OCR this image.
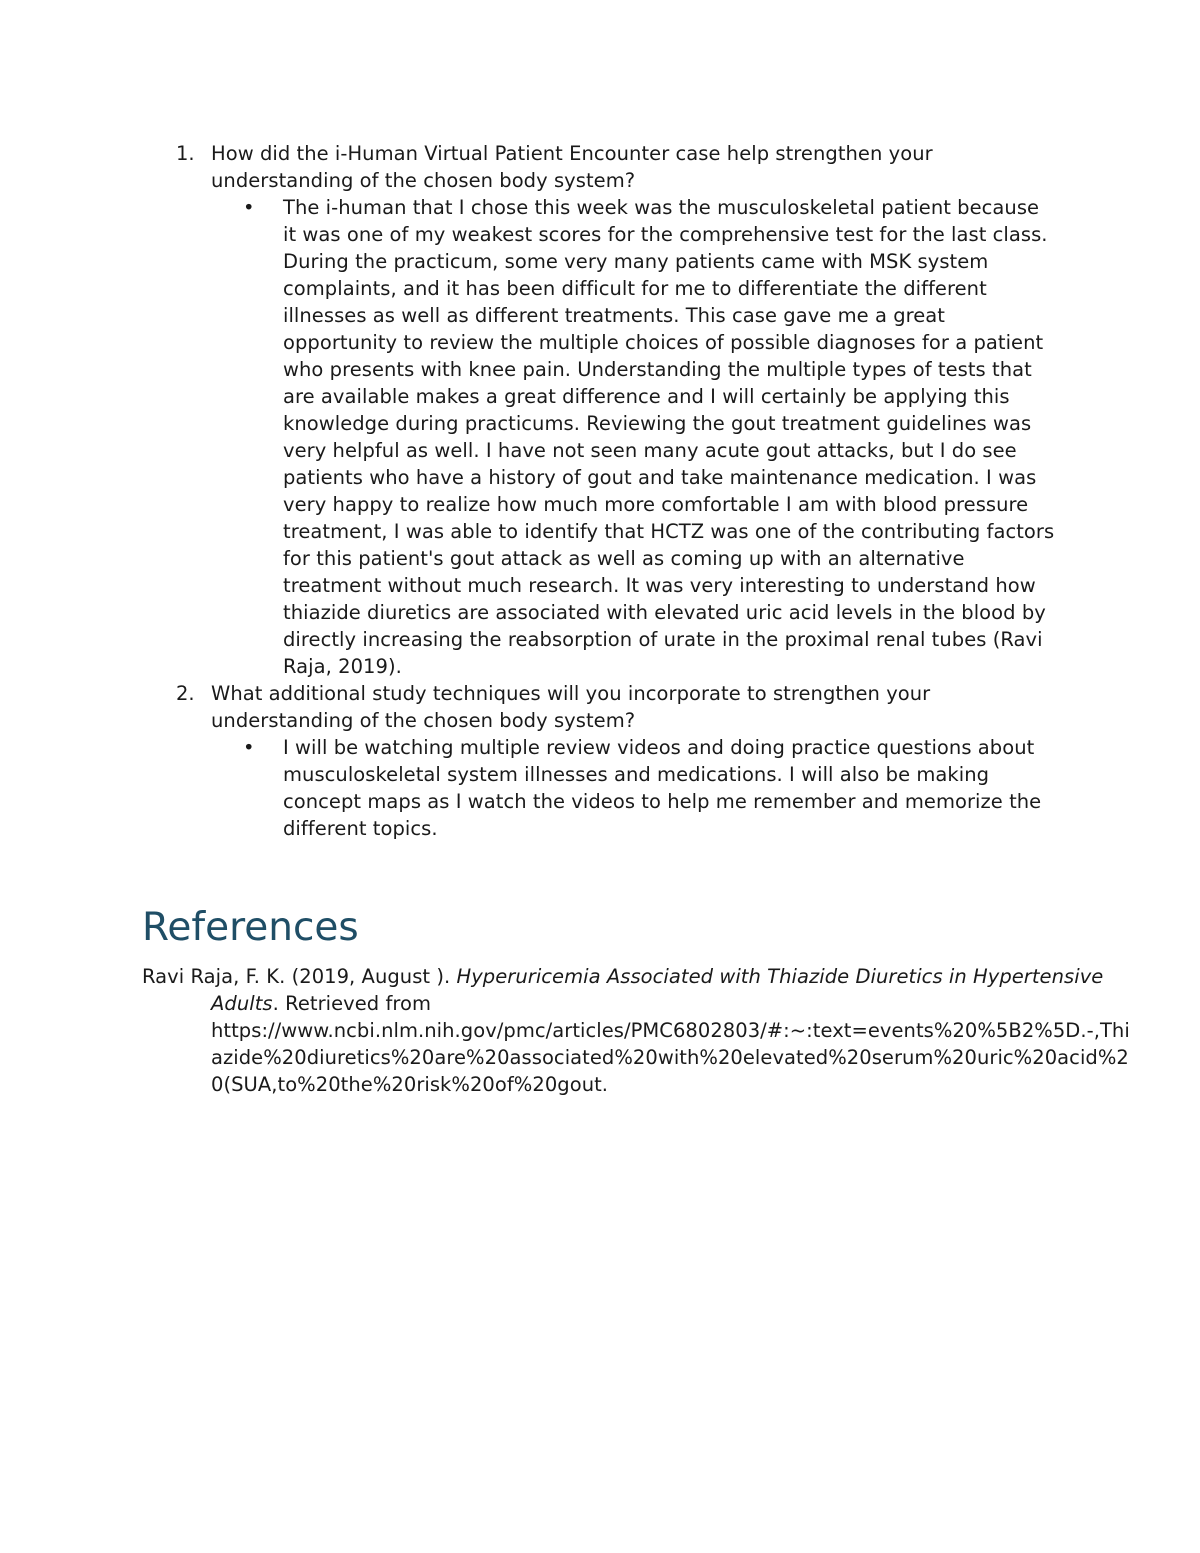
1. How did the i-Human Virtual Patient Encounter case help strengthen your understanding of the chosen body system?
• The i-human that I chose this week was the musculoskeletal patient because it was one of my weakest scores for the comprehensive test for the last class. During the practicum, some very many patients came with MSK system complaints, and it has been difficult for me to differentiate the different illnesses as well as different treatments. This case gave me a great opportunity to review the multiple choices of possible diagnoses for a patient who presents with knee pain. Understanding the multiple types of tests that are available makes a great difference and I will certainly be applying this knowledge during practicums. Reviewing the gout treatment guidelines was very helpful as well. I have not seen many acute gout attacks, but I do see patients who have a history of gout and take maintenance medication. I was very happy to realize how much more comfortable I am with blood pressure treatment, I was able to identify that HCTZ was one of the contributing factors for this patient's gout attack as well as coming up with an alternative treatment without much research. It was very interesting to understand how thiazide diuretics are associated with elevated uric acid levels in the blood by directly increasing the reabsorption of urate in the proximal renal tubes (Ravi Raja, 2019).
2. What additional study techniques will you incorporate to strengthen your understanding of the chosen body system?
• I will be watching multiple review videos and doing practice questions about musculoskeletal system illnesses and medications. I will also be making concept maps as I watch the videos to help me remember and memorize the different topics.
References

Ravi Raja, F. K. (2019, August ). Hyperuricemia Associated with Thiazide Diuretics in Hypertensive Adults. Retrieved from https://www.ncbi.nlm.nih.gov/pmc/articles/PMC6802803/#:~:text=events%20%5B2%5D.-,Thiazide%20diuretics%20are%20associated%20with%20elevated%20serum%20uric%20acid%20(SUA,to%20the%20risk%20of%20gout.
